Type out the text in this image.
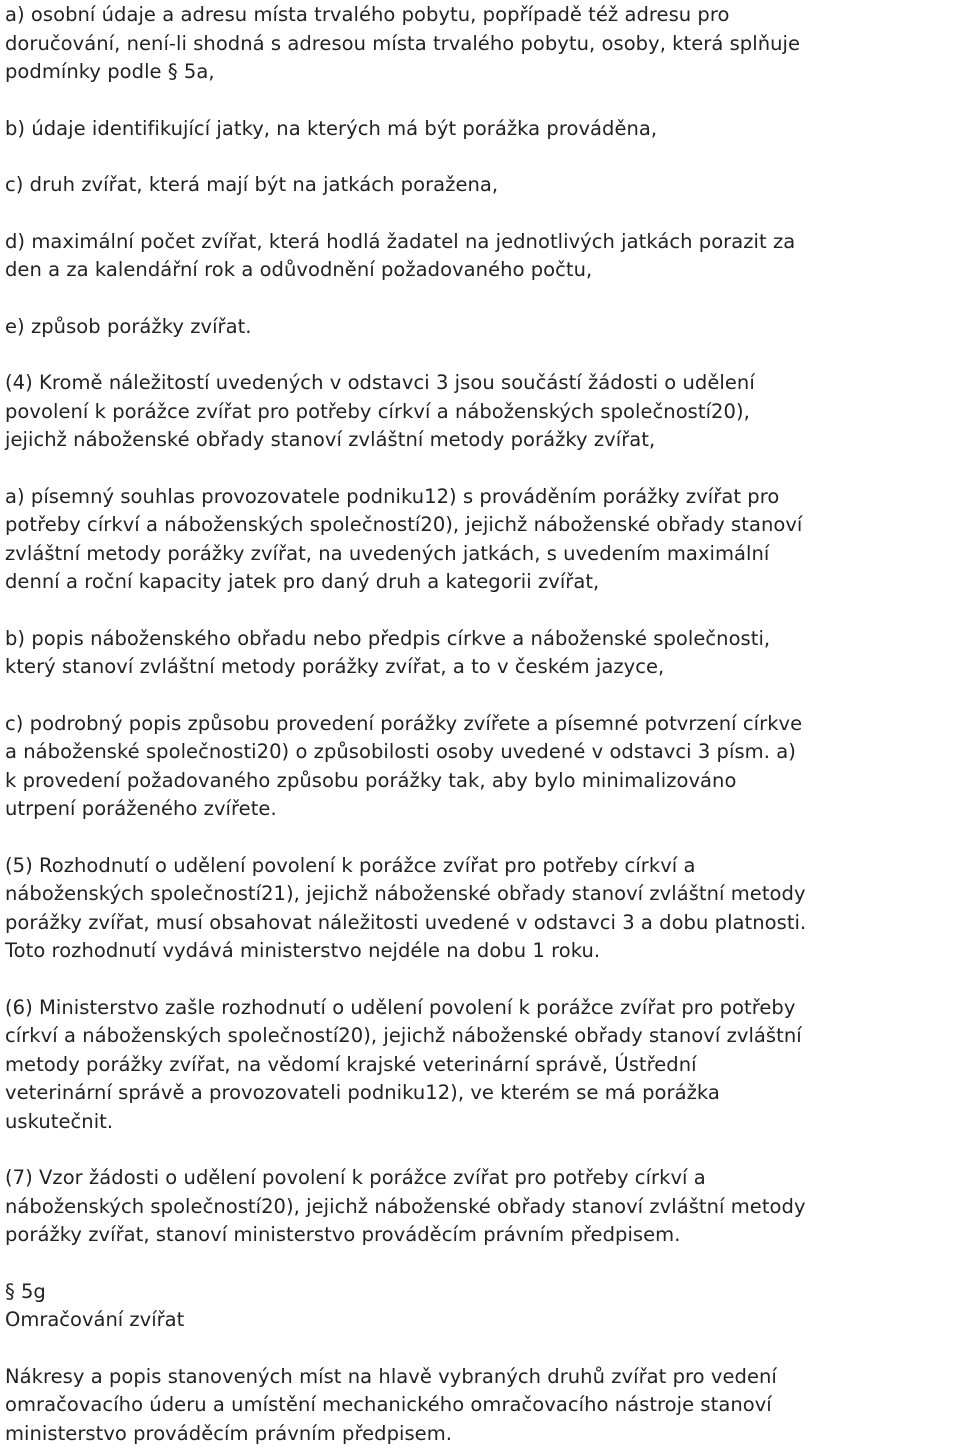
a) osobní údaje a adresu místa trvalého pobytu, popřípadě též adresu pro
doručování, není-li shodná s adresou místa trvalého pobytu, osoby, která splňuje
podmínky podle § 5a,
b) údaje identifikující jatky, na kterých má být porážka prováděna,
c) druh zvířat, která mají být na jatkách poražena,
d) maximální počet zvířat, která hodlá žadatel na jednotlivých jatkách porazit za
den a za kalendářní rok a odůvodnění požadovaného počtu,
e) způsob porážky zvířat.
(4) Kromě náležitostí uvedených v odstavci 3 jsou součástí žádosti o udělení
povolení k porážce zvířat pro potřeby církví a náboženských společností20),
jejichž náboženské obřady stanoví zvláštní metody porážky zvířat,
a) písemný souhlas provozovatele podniku12) s prováděním porážky zvířat pro
potřeby církví a náboženských společností20), jejichž náboženské obřady stanoví
zvláštní metody porážky zvířat, na uvedených jatkách, s uvedením maximální
denní a roční kapacity jatek pro daný druh a kategorii zvířat,
b) popis náboženského obřadu nebo předpis církve a náboženské společnosti,
který stanoví zvláštní metody porážky zvířat, a to v českém jazyce,
c) podrobný popis způsobu provedení porážky zvířete a písemné potvrzení církve
a náboženské společnosti20) o způsobilosti osoby uvedené v odstavci 3 písm. a)
k provedení požadovaného způsobu porážky tak, aby bylo minimalizováno
utrpení poráženého zvířete.
(5) Rozhodnutí o udělení povolení k porážce zvířat pro potřeby církví a
náboženských společností21), jejichž náboženské obřady stanoví zvláštní metody
porážky zvířat, musí obsahovat náležitosti uvedené v odstavci 3 a dobu platnosti.
Toto rozhodnutí vydává ministerstvo nejdéle na dobu 1 roku.
(6) Ministerstvo zašle rozhodnutí o udělení povolení k porážce zvířat pro potřeby
církví a náboženských společností20), jejichž náboženské obřady stanoví zvláštní
metody porážky zvířat, na vědomí krajské veterinární správě, Ústřední
veterinární správě a provozovateli podniku12), ve kterém se má porážka
uskutečnit.
(7) Vzor žádosti o udělení povolení k porážce zvířat pro potřeby církví a
náboženských společností20), jejichž náboženské obřady stanoví zvláštní metody
porážky zvířat, stanoví ministerstvo prováděcím právním předpisem.
§ 5g
Omračování zvířat
Nákresy a popis stanovených míst na hlavě vybraných druhů zvířat pro vedení
omračovacího úderu a umístění mechanického omračovacího nástroje stanoví
ministerstvo prováděcím právním předpisem.
